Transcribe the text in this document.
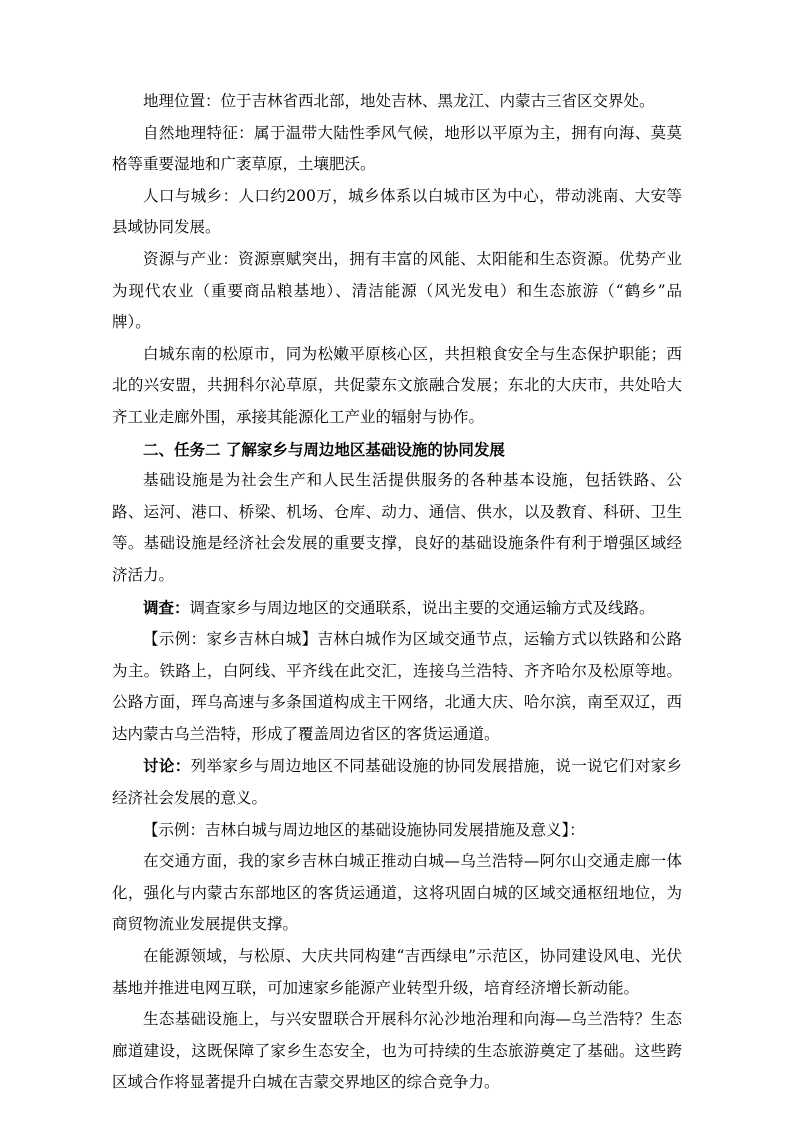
地理位置：位于吉林省西北部，地处吉林、黑龙江、内蒙古三省区交界处。

自然地理特征：属于温带大陆性季风气候，地形以平原为主，拥有向海、莫莫格等重要湿地和广袤草原，土壤肥沃。

人口与城乡：人口约200万，城乡体系以白城市区为中心，带动洮南、大安等县域协同发展。

资源与产业：资源禀赋突出，拥有丰富的风能、太阳能和生态资源。优势产业为现代农业（重要商品粮基地）、清洁能源（风光发电）和生态旅游（“鹤乡”品牌）。

白城东南的松原市，同为松嫩平原核心区，共担粮食安全与生态保护职能；西北的兴安盟，共拥科尔沁草原，共促蒙东文旅融合发展；东北的大庆市，共处哈大齐工业走廊外围，承接其能源化工产业的辐射与协作。

二、任务二 了解家乡与周边地区基础设施的协同发展

基础设施是为社会生产和人民生活提供服务的各种基本设施，包括铁路、公路、运河、港口、桥梁、机场、仓库、动力、通信、供水，以及教育、科研、卫生等。基础设施是经济社会发展的重要支撑，良好的基础设施条件有利于增强区域经济活力。

调查：调查家乡与周边地区的交通联系，说出主要的交通运输方式及线路。

【示例：家乡吉林白城】吉林白城作为区域交通节点，运输方式以铁路和公路为主。铁路上，白阿线、平齐线在此交汇，连接乌兰浩特、齐齐哈尔及松原等地。公路方面，珲乌高速与多条国道构成主干网络，北通大庆、哈尔滨，南至双辽，西达内蒙古乌兰浩特，形成了覆盖周边省区的客货运通道。

讨论：列举家乡与周边地区不同基础设施的协同发展措施，说一说它们对家乡经济社会发展的意义。

【示例：吉林白城与周边地区的基础设施协同发展措施及意义】：

在交通方面，我的家乡吉林白城正推动白城—乌兰浩特—阿尔山交通走廊一体化，强化与内蒙古东部地区的客货运通道，这将巩固白城的区域交通枢纽地位，为商贸物流业发展提供支撑。

在能源领域，与松原、大庆共同构建“吉西绿电”示范区，协同建设风电、光伏基地并推进电网互联，可加速家乡能源产业转型升级，培育经济增长新动能。

生态基础设施上，与兴安盟联合开展科尔沁沙地治理和向海—乌兰浩特？生态廊道建设，这既保障了家乡生态安全，也为可持续的生态旅游奠定了基础。这些跨区域合作将显著提升白城在吉蒙交界地区的综合竞争力。
